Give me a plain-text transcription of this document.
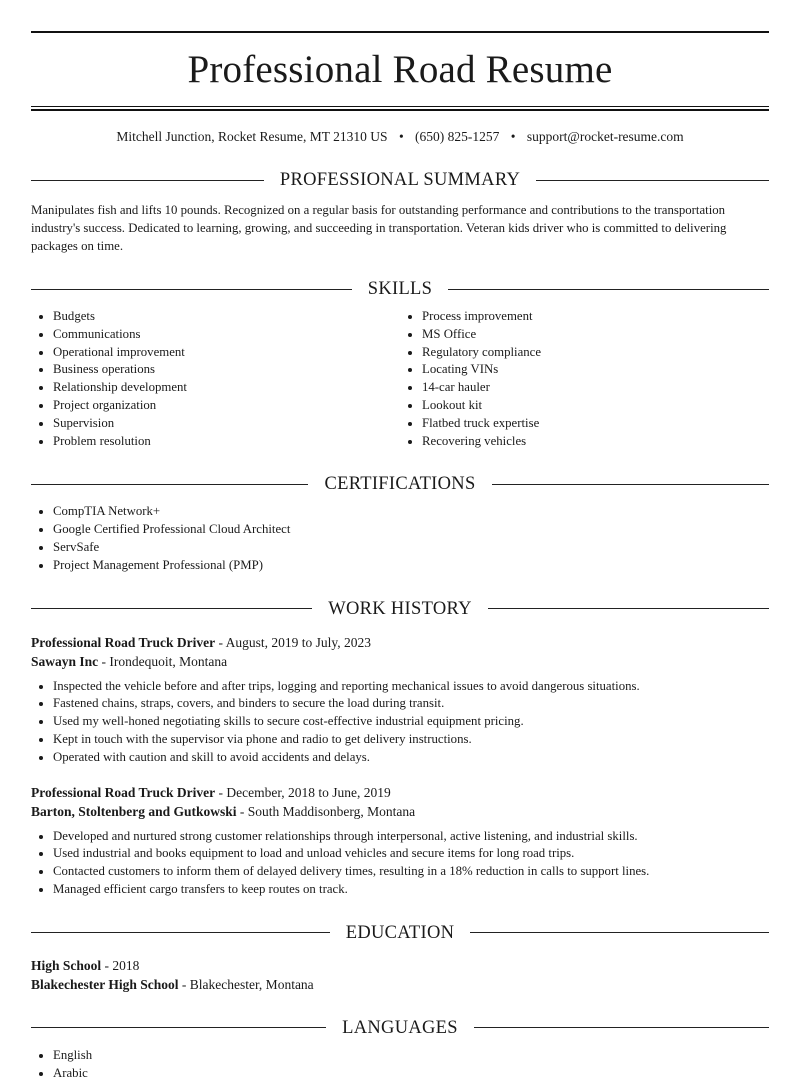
Professional Road Resume
Mitchell Junction, Rocket Resume, MT 21310 US • (650) 825-1257 • support@rocket-resume.com
PROFESSIONAL SUMMARY
Manipulates fish and lifts 10 pounds. Recognized on a regular basis for outstanding performance and contributions to the transportation industry's success. Dedicated to learning, growing, and succeeding in transportation. Veteran kids driver who is committed to delivering packages on time.
SKILLS
• Budgets
• Communications
• Operational improvement
• Business operations
• Relationship development
• Project organization
• Supervision
• Problem resolution
• Process improvement
• MS Office
• Regulatory compliance
• Locating VINs
• 14-car hauler
• Lookout kit
• Flatbed truck expertise
• Recovering vehicles
CERTIFICATIONS
• CompTIA Network+
• Google Certified Professional Cloud Architect
• ServSafe
• Project Management Professional (PMP)
WORK HISTORY
Professional Road Truck Driver - August, 2019 to July, 2023
Sawayn Inc - Irondequoit, Montana
• Inspected the vehicle before and after trips, logging and reporting mechanical issues to avoid dangerous situations.
• Fastened chains, straps, covers, and binders to secure the load during transit.
• Used my well-honed negotiating skills to secure cost-effective industrial equipment pricing.
• Kept in touch with the supervisor via phone and radio to get delivery instructions.
• Operated with caution and skill to avoid accidents and delays.
Professional Road Truck Driver - December, 2018 to June, 2019
Barton, Stoltenberg and Gutkowski - South Maddisonberg, Montana
• Developed and nurtured strong customer relationships through interpersonal, active listening, and industrial skills.
• Used industrial and books equipment to load and unload vehicles and secure items for long road trips.
• Contacted customers to inform them of delayed delivery times, resulting in a 18% reduction in calls to support lines.
• Managed efficient cargo transfers to keep routes on track.
EDUCATION
High School - 2018
Blakechester High School - Blakechester, Montana
LANGUAGES
• English
• Arabic
